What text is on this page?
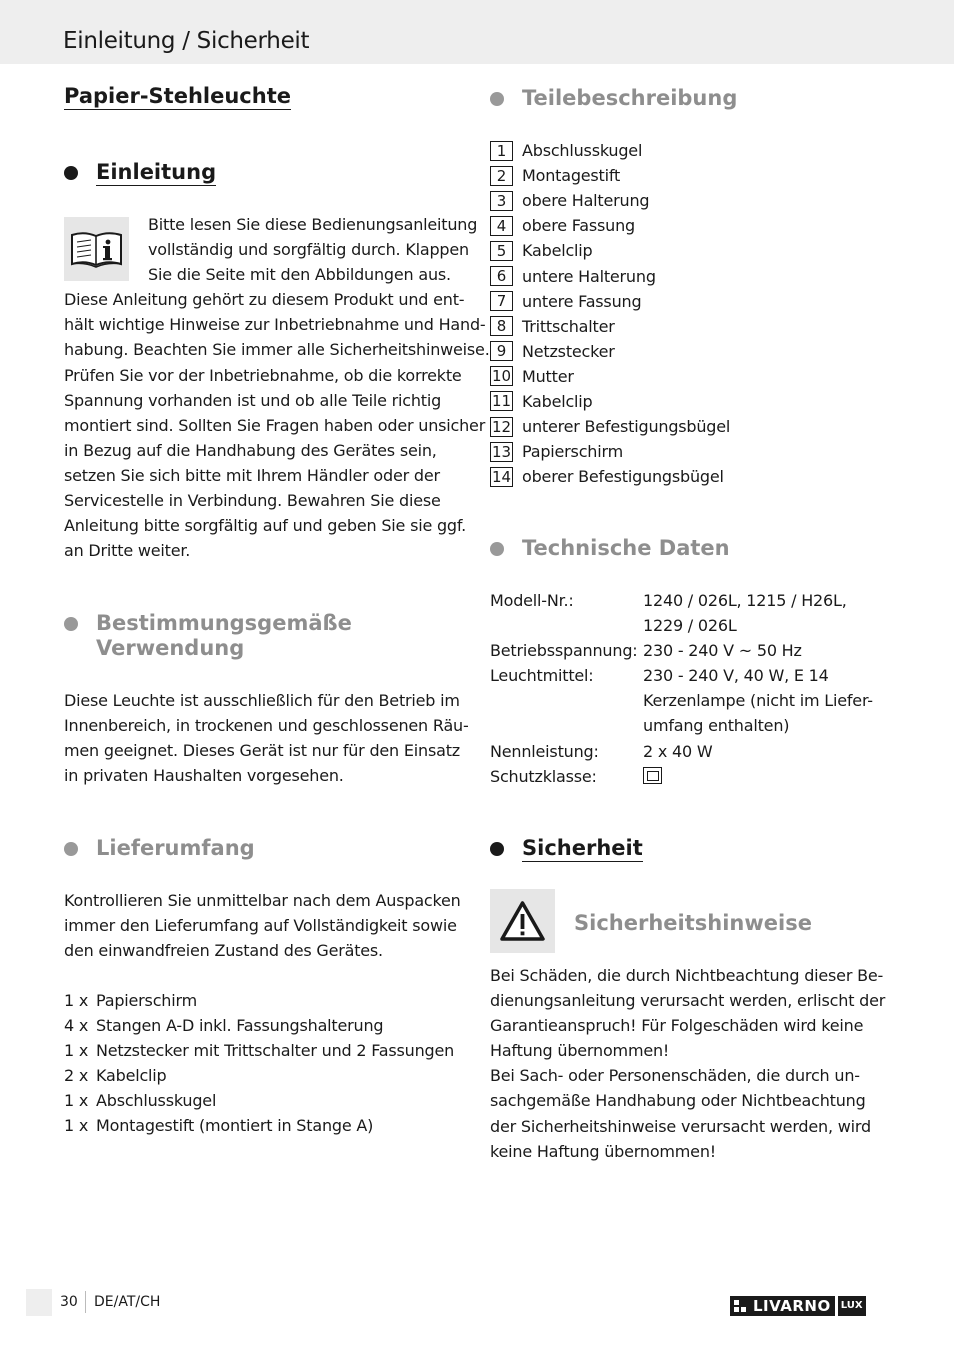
Einleitung / Sicherheit
Papier-Stehleuchte
Einleitung

Bitte lesen Sie diese Bedienungsanleitung

vollständig und sorgfältig durch. Klappen

Sie die Seite mit den Abbildungen aus.

Diese Anleitung gehört zu diesem Produkt und ent-

hält wichtige Hinweise zur Inbetriebnahme und Hand-

habung. Beachten Sie immer alle Sicherheitshinweise.

Prüfen Sie vor der Inbetriebnahme, ob die korrekte

Spannung vorhanden ist und ob alle Teile richtig

montiert sind. Sollten Sie Fragen haben oder unsicher

in Bezug auf die Handhabung des Gerätes sein,

setzen Sie sich bitte mit Ihrem Händler oder der

Servicestelle in Verbindung. Bewahren Sie diese

Anleitung bitte sorgfältig auf und geben Sie sie ggf.

an Dritte weiter.

Bestimmungsgemäße
Verwendung

Diese Leuchte ist ausschließlich für den Betrieb im

Innenbereich, in trockenen und geschlossenen Räu-

men geeignet. Dieses Gerät ist nur für den Einsatz

in privaten Haushalten vorgesehen.

Lieferumfang

Kontrollieren Sie unmittelbar nach dem Auspacken

immer den Lieferumfang auf Vollständigkeit sowie

den einwandfreien Zustand des Gerätes.

1 x Papierschirm
4 x Stangen A-D inkl. Fassungshalterung
1 x Netzstecker mit Trittschalter und 2 Fassungen
2 x Kabelclip
1 x Abschlusskugel
1 x Montagestift (montiert in Stange A)
Teilebeschreibung
1 Abschlusskugel
2 Montagestift
3 obere Halterung
4 obere Fassung
5 Kabelclip
6 untere Halterung
7 untere Fassung
8 Trittschalter
9 Netzstecker
10 Mutter
11 Kabelclip
12 unterer Befestigungsbügel
13 Papierschirm
14 oberer Befestigungsbügel
Technische Daten
Modell-Nr.:	1240 / 026L, 1215 / H26L,
1229 / 026L
Betriebsspannung: 230 - 240 V ~ 50 Hz
Leuchtmittel:	230 - 240 V, 40 W, E 14
Kerzenlampe (nicht im Liefer-
umfang enthalten)
Nennleistung:	2 x 40 W
Schutzklasse:
Sicherheit
Sicherheitshinweise

Bei Schäden, die durch Nichtbeachtung dieser Be-

dienungsanleitung verursacht werden, erlischt der

Garantieanspruch! Für Folgeschäden wird keine

Haftung übernommen!

Bei Sach- oder Personenschäden, die durch un-

sachgemäße Handhabung oder Nichtbeachtung

der Sicherheitshinweise verursacht werden, wird

keine Haftung übernommen!

30 DE/AT/CH	LIVARNO	LUX
